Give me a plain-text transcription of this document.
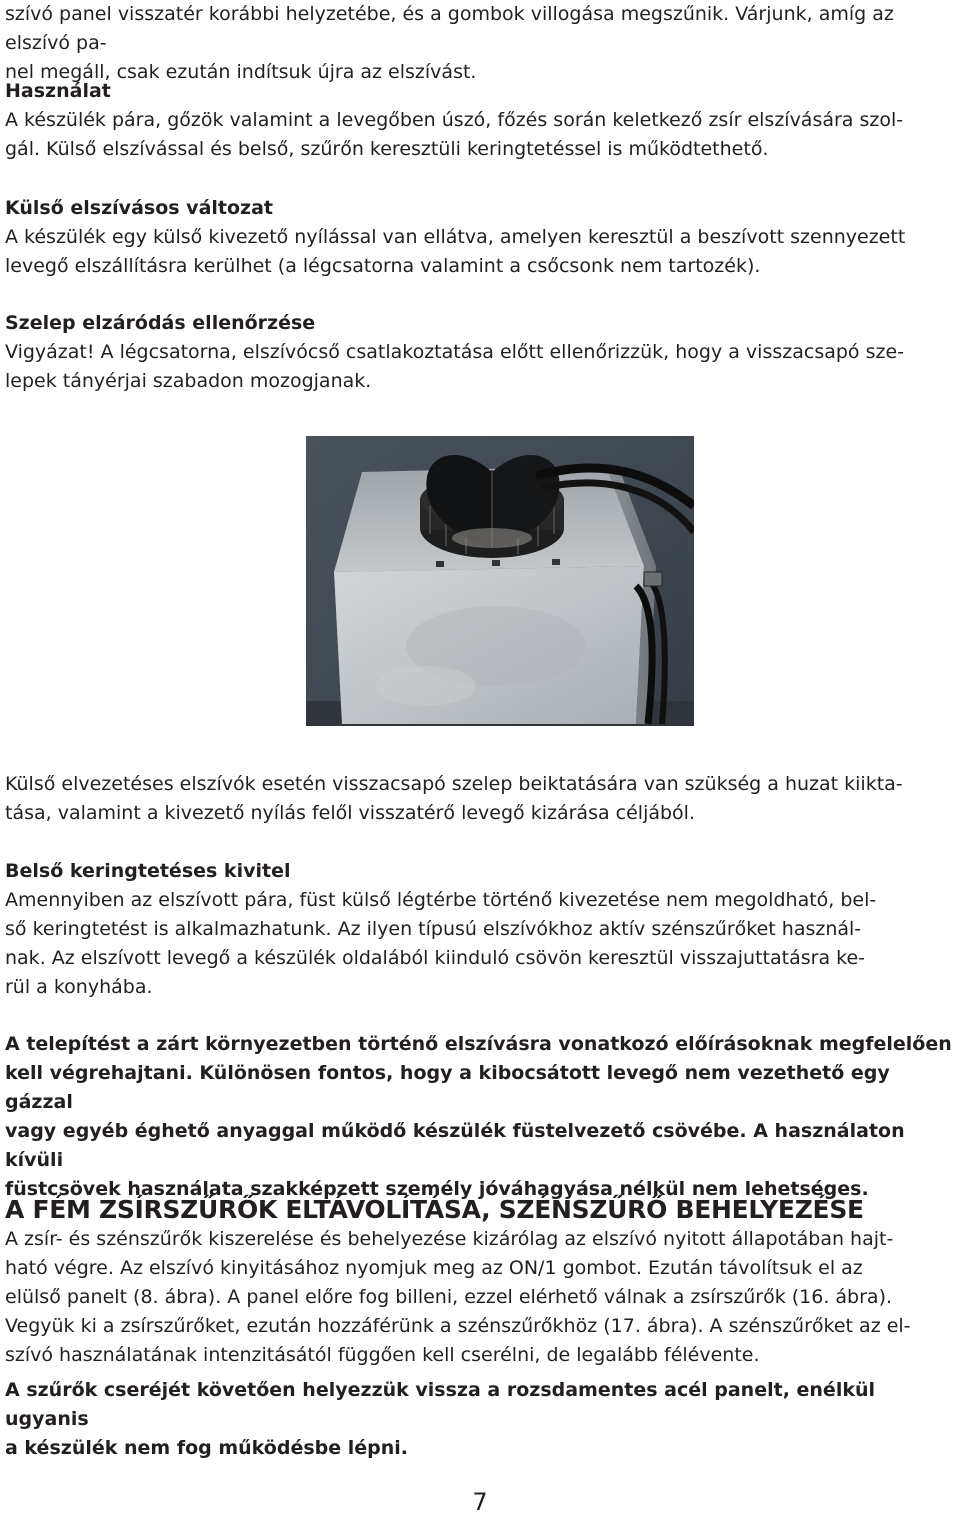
szívó panel visszatér korábbi helyzetébe, és a gombok villogása megszűnik. Várjunk, amíg az elszívó pa-

nel megáll, csak ezután indítsuk újra az elszívást.

Használat

A készülék pára, gőzök valamint a levegőben úszó, főzés során keletkező zsír elszívására szol-

gál. Külső elszívással és belső, szűrőn keresztüli keringtetéssel is működtethető.

Külső elszívásos változat

A készülék egy külső kivezető nyílással van ellátva, amelyen keresztül a beszívott szennyezett

levegő elszállításra kerülhet (a légcsatorna valamint a csőcsonk nem tartozék).

Szelep elzáródás ellenőrzése

Vigyázat! A légcsatorna, elszívócső csatlakoztatása előtt ellenőrizzük, hogy a visszacsapó sze-

lepek tányérjai szabadon mozogjanak.

Külső elvezetéses elszívók esetén visszacsapó szelep beiktatására van szükség a huzat kiikta-

tása, valamint a kivezető nyílás felől visszatérő levegő kizárása céljából.

Belső keringtetéses kivitel

Amennyiben az elszívott pára, füst külső légtérbe történő kivezetése nem megoldható, bel-

ső keringtetést is alkalmazhatunk. Az ilyen típusú elszívókhoz aktív szénszűrőket használ-

nak. Az elszívott levegő a készülék oldalából kiinduló csövön keresztül visszajuttatásra ke-

rül a konyhába.

A telepítést a zárt környezetben történő elszívásra vonatkozó előírásoknak megfelelően

kell végrehajtani. Különösen fontos, hogy a kibocsátott levegő nem vezethető egy gázzal

vagy egyéb éghető anyaggal működő készülék füstelvezető csövébe. A használaton kívüli

füstcsövek használata szakképzett személy jóváhagyása nélkül nem lehetséges.

A FÉM ZSÍRSZŰRŐK ELTÁVOLÍTÁSA, SZÉNSZŰRŐ BEHELYEZÉSE

A zsír- és szénszűrők kiszerelése és behelyezése kizárólag az elszívó nyitott állapotában hajt-

ható végre. Az elszívó kinyitásához nyomjuk meg az ON/1 gombot. Ezután távolítsuk el az

elülső panelt (8. ábra). A panel előre fog billeni, ezzel elérhető válnak a zsírszűrők (16. ábra).

Vegyük ki a zsírszűrőket, ezután hozzáférünk a szénszűrőkhöz (17. ábra). A szénszűrőket az el-

szívó használatának intenzitásától függően kell cserélni, de legalább félévente.

A szűrők cseréjét követően helyezzük vissza a rozsdamentes acél panelt, enélkül ugyanis

a készülék nem fog működésbe lépni.

7
